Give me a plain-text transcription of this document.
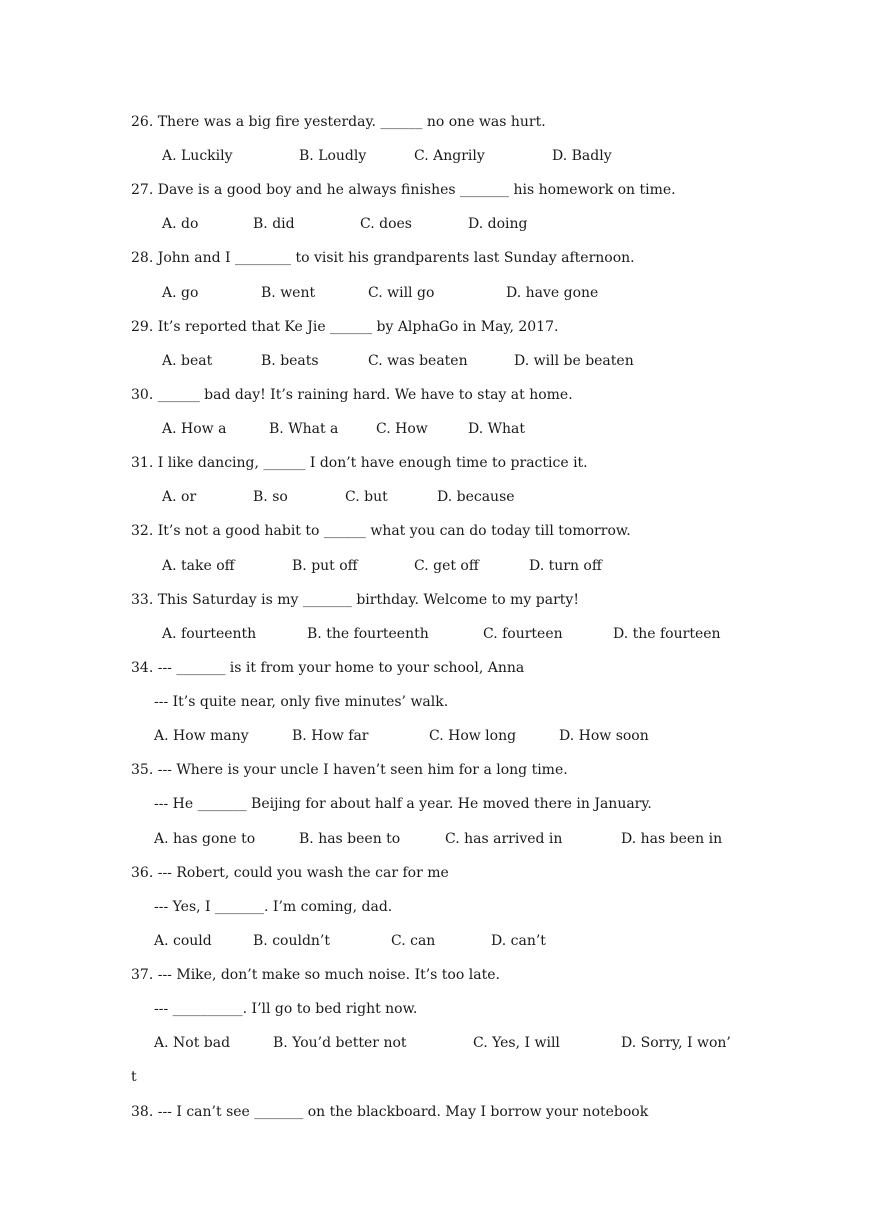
26. There was a big fire yesterday. ______ no one was hurt.
A. Luckily	B. Loudly	C. Angrily	D. Badly
27. Dave is a good boy and he always finishes _______ his homework on time.
A. do	B. did	C. does	D. doing
28. John and I ________ to visit his grandparents last Sunday afternoon.
A. go	B. went	C. will go	D. have gone
29. It’s reported that Ke Jie ______ by AlphaGo in May, 2017.
A. beat	B. beats	C. was beaten	D. will be beaten
30. ______ bad day! It’s raining hard. We have to stay at home.
A. How a	B. What a	C. How	D. What
31. I like dancing, ______ I don’t have enough time to practice it.
A. or	B. so	C. but	D. because
32. It’s not a good habit to ______ what you can do today till tomorrow.
A. take off	B. put off	C. get off	D. turn off
33. This Saturday is my _______ birthday. Welcome to my party!
A. fourteenth	B. the fourteenth	C. fourteen	D. the fourteen
34. --- _______ is it from your home to your school, Anna
--- It’s quite near, only five minutes’ walk.
A. How many	B. How far	C. How long	D. How soon
35. --- Where is your uncle I haven’t seen him for a long time.
--- He _______ Beijing for about half a year. He moved there in January.
A. has gone to	B. has been to	C. has arrived in	D. has been in
36. --- Robert, could you wash the car for me
--- Yes, I _______. I’m coming, dad.
A. could	B. couldn’t	C. can	D. can’t
37. --- Mike, don’t make so much noise. It’s too late.
--- __________. I’ll go to bed right now.
A. Not bad	B. You’d better not	C. Yes, I will	D. Sorry, I won’
t
38. --- I can’t see _______ on the blackboard. May I borrow your notebook
